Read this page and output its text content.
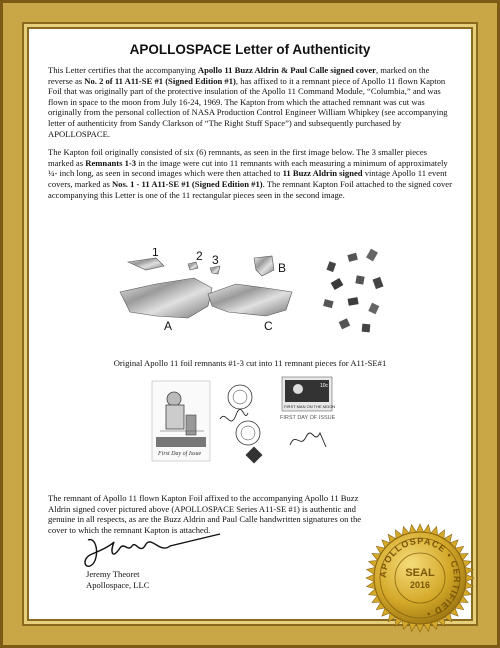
APOLLOSPACE Letter of Authenticity

This Letter certifies that the accompanying Apollo 11 Buzz Aldrin & Paul Calle signed cover, marked on the reverse as No. 2 of 11 A11-SE #1 (Signed Edition #1), has affixed to it a remnant piece of Apollo 11 flown Kapton Foil that was originally part of the protective insulation of the Apollo 11 Command Module, “Columbia,” and was flown in space to the moon from July 16-24, 1969. The Kapton from which the attached remnant was cut was originally from the personal collection of NASA Production Control Engineer William Whipkey (see accompanying letter of authenticity from Sandy Clarkson of “The Right Stuff Space”) and subsequently purchased by APOLLOSPACE.

The Kapton foil originally consisted of six (6) remnants, as seen in the first image below. The 3 smaller pieces marked as Remnants 1-3 in the image were cut into 11 remnants with each measuring a minimum of approximately ¼- inch long, as seen in second images which were then attached to 11 Buzz Aldrin signed vintage Apollo 11 event covers, marked as Nos. 1 - 11 A11-SE #1 (Signed Edition #1). The remnant Kapton Foil attached to the signed cover accompanying this Letter is one of the 11 rectangular pieces seen in the second image.

1	2 3
B
A	C
Original Apollo 11 foil remnants #1-3 cut into 11 remnant pieces for A11-SE#1
First Day of Issue
FIRST MAN ON THE MOON
10c
FIRST DAY OF ISSUE
The remnant of Apollo 11 flown Kapton Foil affixed to the accompanying Apollo 11 Buzz Aldrin signed cover pictured above (APOLLOSPACE Series A11-SE #1) is authentic and genuine in all respects, as are the Buzz Aldrin and Paul Calle handwritten signatures on the cover to which the remnant Kapton is attached.
Jeremy Theoret
Apollospace, LLC
APOLLOSPACE • CERTIFIED •
SEAL
2016
